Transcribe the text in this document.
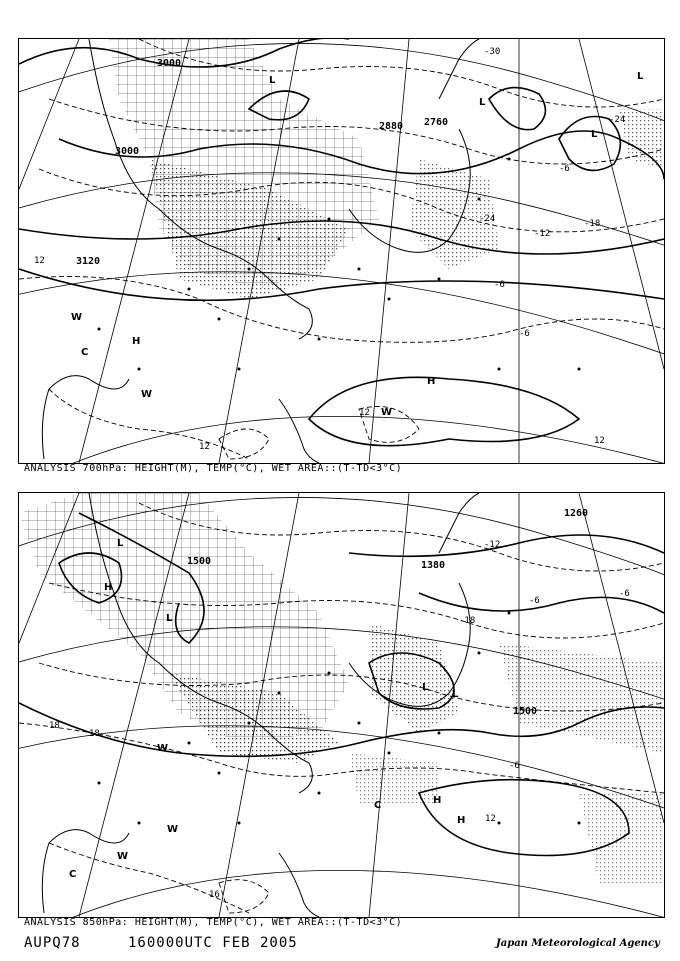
3000
3000
3120
2880 2760
12
12
12
12
-6
-6
-6
-12
-18
-24
-24
-30
L
L
L
L
H
H
W
W
W
C
ANALYSIS 700hPa: HEIGHT(M), TEMP(°C), WET AREA::(T-TD<3°C)
1500	1380
1260
1500
18
18
12
-6
-6
-6
-12
-18
16
L
L
H
L
L
W
W
W
C
C	H
H
ANALYSIS 850hPa: HEIGHT(M), TEMP(°C), WET AREA::(T-TD<3°C)
AUPQ78	160000UTC FEB 2005	Japan Meteorological Agency
